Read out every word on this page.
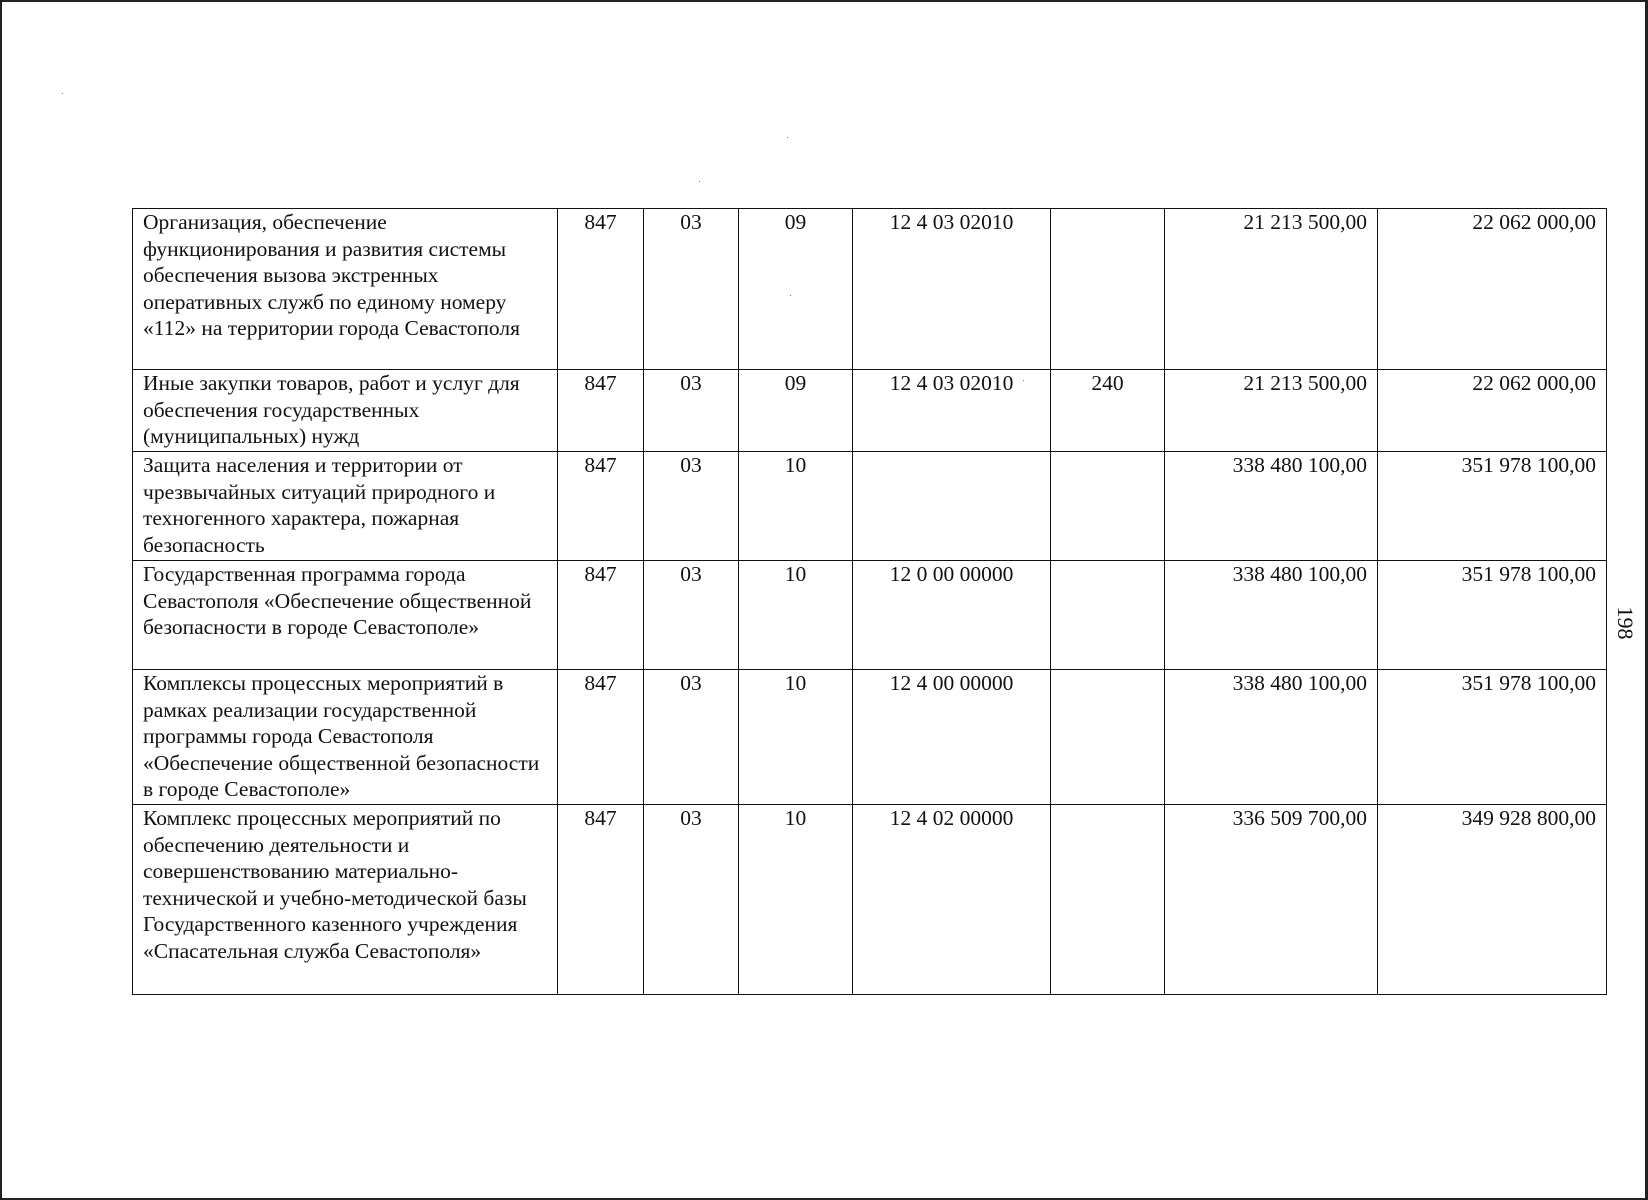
Организация, обеспечение функционирования и развития системы обеспечения вызова экстренных оперативных служб по единому номеру «112» на территории города Севастополя	847	03	09	12 4 03 02010		21 213 500,00	22 062 000,00
Иные закупки товаров, работ и услуг для обеспечения государственных (муниципальных) нужд	847	03	09	12 4 03 02010	240	21 213 500,00	22 062 000,00
Защита населения и территории от чрезвычайных ситуаций природного и техногенного характера, пожарная безопасность	847	03	10			338 480 100,00	351 978 100,00
Государственная программа города Севастополя «Обеспечение общественной безопасности в городе Севастополе»	847	03	10	12 0 00 00000		338 480 100,00	351 978 100,00
Комплексы процессных мероприятий в рамках реализации государственной программы города Севастополя «Обеспечение общественной безопасности в городе Севастополе»	847	03	10	12 4 00 00000		338 480 100,00	351 978 100,00
Комплекс процессных мероприятий по обеспечению деятельности и совершенствованию материально-технической и учебно-методической базы Государственного казенного учреждения «Спасательная служба Севастополя»	847	03	10	12 4 02 00000		336 509 700,00	349 928 800,00
198
